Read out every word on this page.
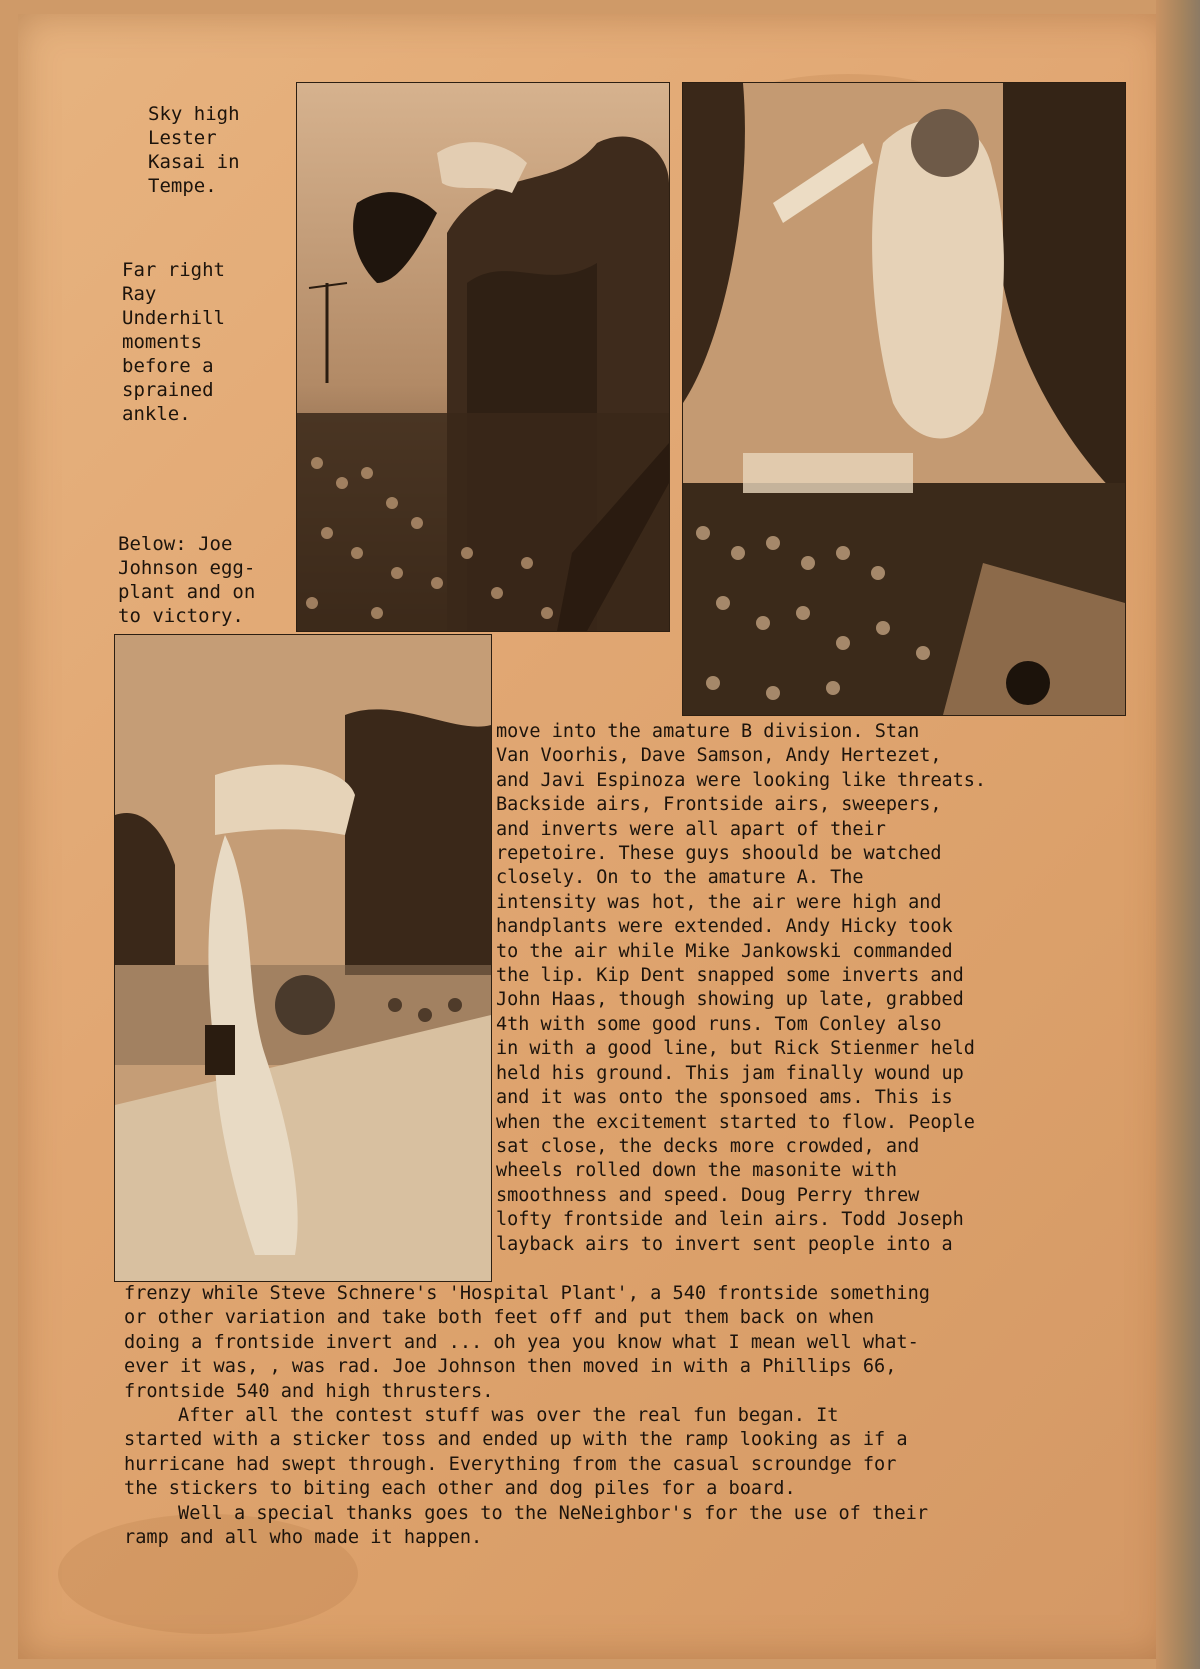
Sky high
Lester
Kasai in
Tempe.
Far right
Ray
Underhill
moments
before a
sprained
ankle.
Below: Joe
Johnson egg-
plant and on
to victory.
move into the amature B division. Stan
Van Voorhis, Dave Samson, Andy Hertezet,
and Javi Espinoza were looking like threats.
Backside airs, Frontside airs, sweepers,
and inverts were all apart of their
repetoire. These guys shoould be watched
closely. On to the amature A. The
intensity was hot, the air were high and
handplants were extended. Andy Hicky took
to the air while Mike Jankowski commanded
the lip. Kip Dent snapped some inverts and
John Haas, though showing up late, grabbed
4th with some good runs. Tom Conley also
in with a good line, but Rick Stienmer held
held his ground. This jam finally wound up
and it was onto the sponsoed ams. This is
when the excitement started to flow. People
sat close, the decks more crowded, and
wheels rolled down the masonite with
smoothness and speed. Doug Perry threw
lofty frontside and lein airs. Todd Joseph
layback airs to invert sent people into a
frenzy while Steve Schnere's 'Hospital Plant', a 540 frontside something
or other variation and take both feet off and put them back on when
doing a frontside invert and ... oh yea you know what I mean well what-
ever it was, , was rad. Joe Johnson then moved in with a Phillips 66,
frontside 540 and high thrusters.
After all the contest stuff was over the real fun began. It
started with a sticker toss and ended up with the ramp looking as if a
hurricane had swept through. Everything from the casual scroundge for
the stickers to biting each other and dog piles for a board.
Well a special thanks goes to the NeNeighbor's for the use of their
ramp and all who made it happen.
